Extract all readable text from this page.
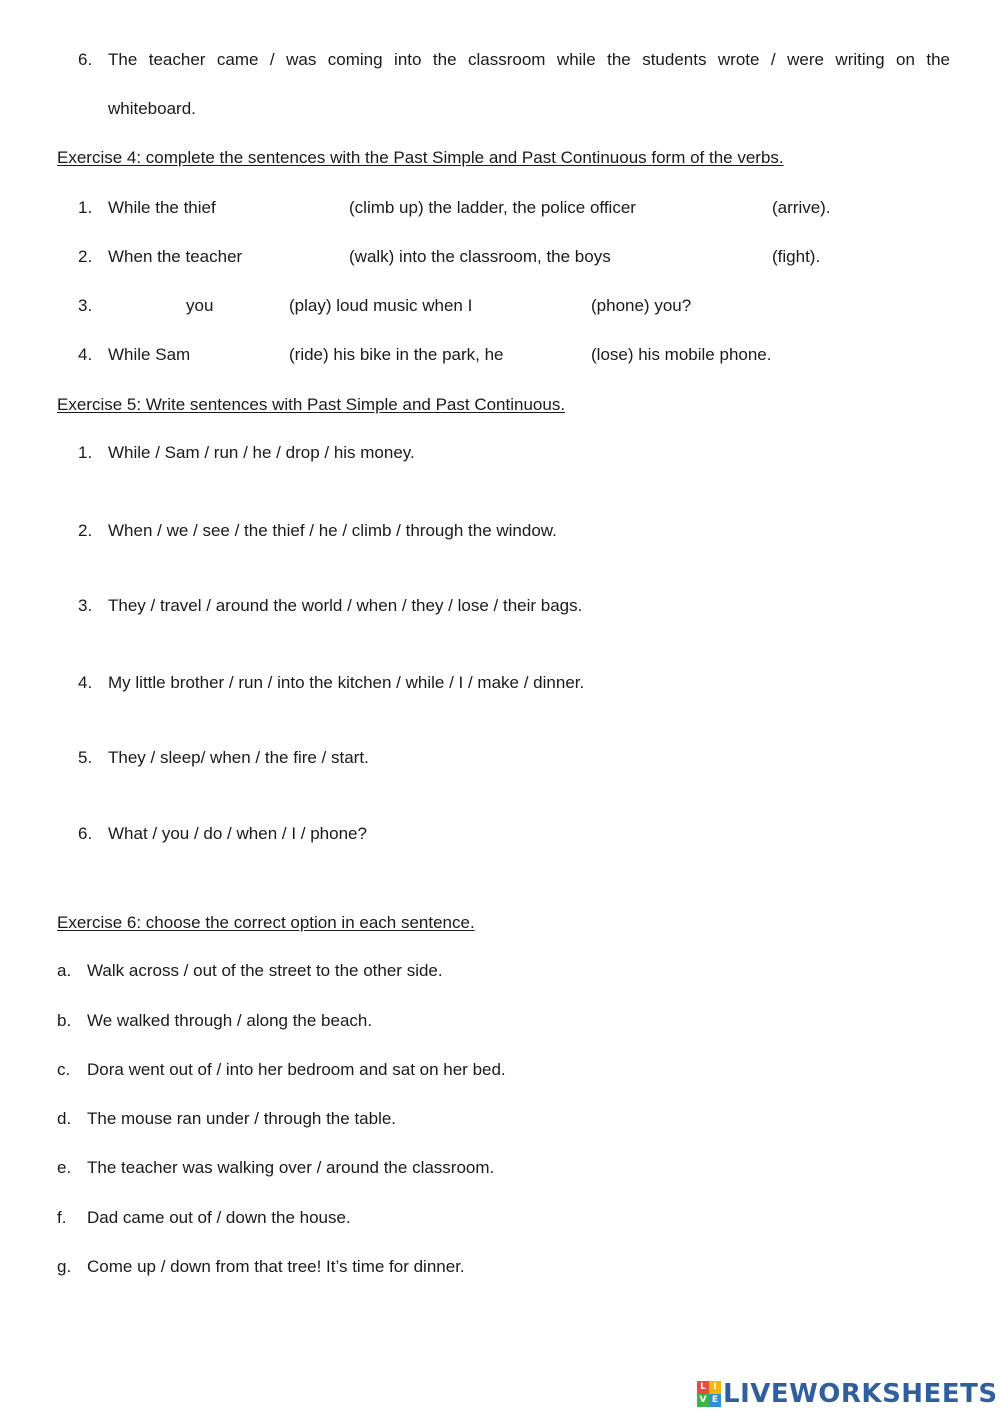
6. The teacher came / was coming into the classroom while the students wrote / were writing on the
whiteboard.
Exercise 4: complete the sentences with the Past Simple and Past Continuous form of the verbs.
1. While the thief	(climb up) the ladder, the police officer	(arrive).
2. When the teacher	(walk) into the classroom, the boys	(fight).
3.	you	(play) loud music when I	(phone) you?
4. While Sam	(ride) his bike in the park, he	(lose) his mobile phone.
Exercise 5: Write sentences with Past Simple and Past Continuous.
1. While / Sam / run / he / drop / his money.
2. When / we / see / the thief / he / climb / through the window.
3. They / travel / around the world / when / they / lose / their bags.
4. My little brother / run / into the kitchen / while / I / make / dinner.
5. They / sleep/ when / the fire / start.
6. What / you / do / when / I / phone?
Exercise 6: choose the correct option in each sentence.
a. Walk across / out of the street to the other side.
b. We walked through / along the beach.
c. Dora went out of / into her bedroom and sat on her bed.
d. The mouse ran under / through the table.
e. The teacher was walking over / around the classroom.
f. Dad came out of / down the house.
g. Come up / down from that tree! It’s time for dinner.
L I
V E LIVEWORKSHEETS
